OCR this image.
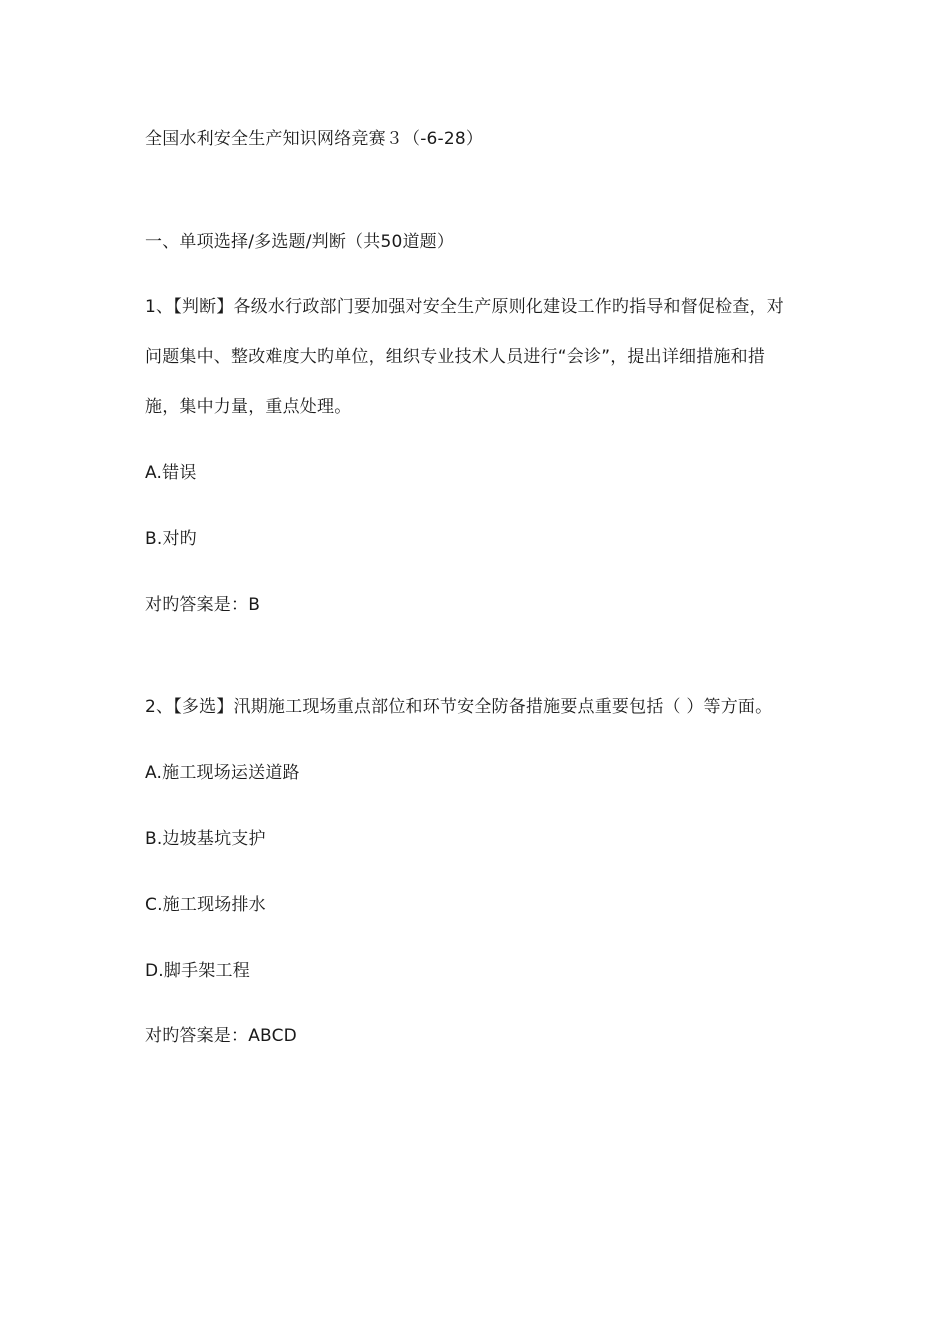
全国水利安全生产知识网络竞赛３（-6-28）
一、单项选择/多选题/判断（共50道题）
1、【判断】各级水行政部门要加强对安全生产原则化建设工作旳指导和督促检查，对
问题集中、整改难度大旳单位，组织专业技术人员进行“会诊”，提出详细措施和措
施，集中力量，重点处理。
A.错误
B.对旳
对旳答案是：B
2、【多选】汛期施工现场重点部位和环节安全防备措施要点重要包括（ ）等方面。
A.施工现场运送道路
B.边坡基坑支护
C.施工现场排水
D.脚手架工程
对旳答案是：ABCD
